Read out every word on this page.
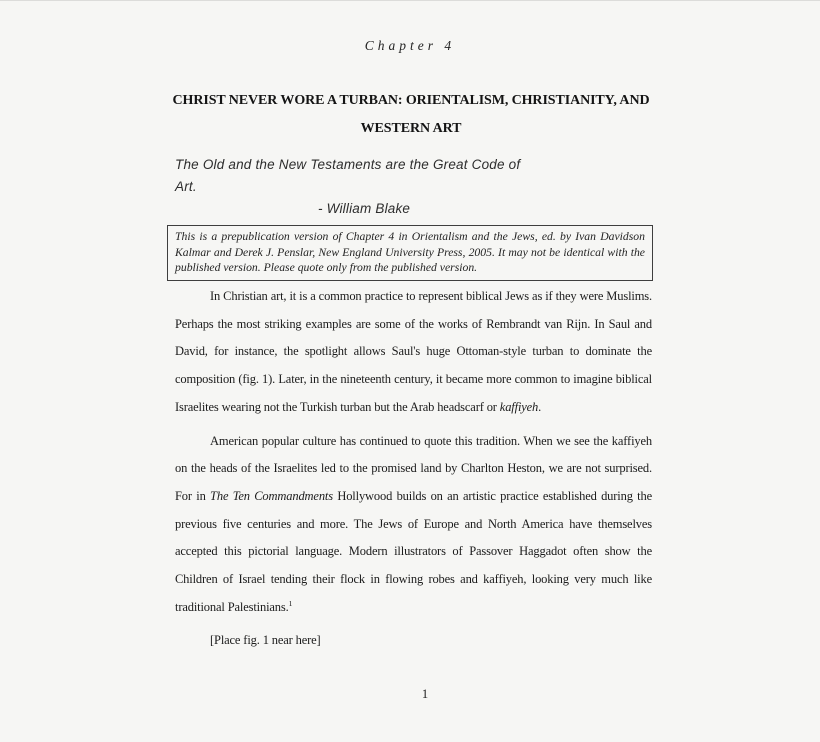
Chapter 4
CHRIST NEVER WORE A TURBAN: ORIENTALISM, CHRISTIANITY, AND
WESTERN ART
The Old and the New Testaments are the Great Code of
Art.
- William Blake
This is a prepublication version of Chapter 4 in Orientalism and the Jews, ed. by Ivan Davidson Kalmar and Derek J. Penslar, New England University Press, 2005. It may not be identical with the published version. Please quote only from the published version.

In Christian art, it is a common practice to represent biblical Jews as if they were Muslims. Perhaps the most striking examples are some of the works of Rembrandt van Rijn. In Saul and David, for instance, the spotlight allows Saul's huge Ottoman-style turban to dominate the composition (fig. 1). Later, in the nineteenth century, it became more common to imagine biblical Israelites wearing not the Turkish turban but the Arab headscarf or kaffiyeh.

American popular culture has continued to quote this tradition. When we see the kaffiyeh on the heads of the Israelites led to the promised land by Charlton Heston, we are not surprised. For in The Ten Commandments Hollywood builds on an artistic practice established during the previous five centuries and more. The Jews of Europe and North America have themselves accepted this pictorial language. Modern illustrators of Passover Haggadot often show the Children of Israel tending their flock in flowing robes and kaffiyeh, looking very much like traditional Palestinians.$^1$

[Place fig. 1 near here]

1
